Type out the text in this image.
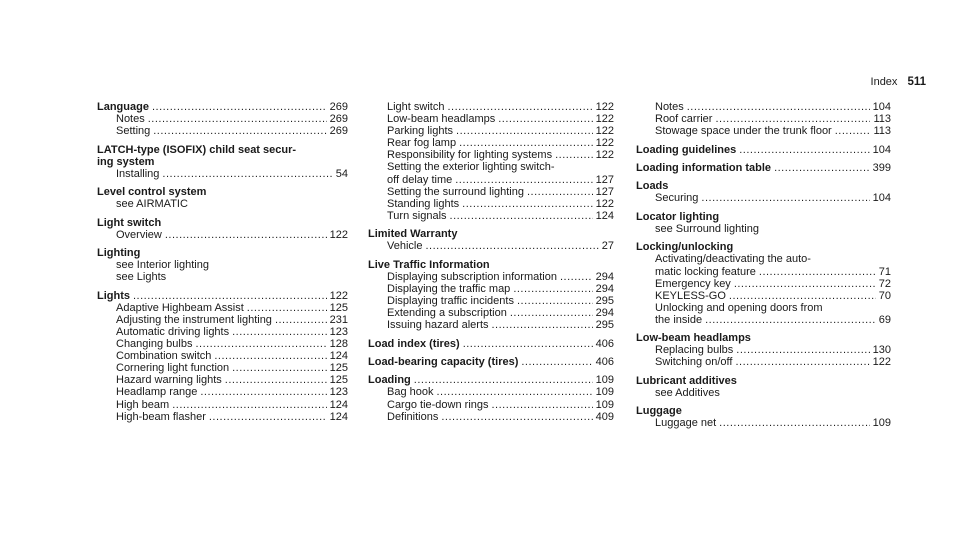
Index 511
Language .....	269
Notes .....	269
Setting .....	269
LATCH-type (ISOFIX) child seat secur-
ing system
Installing .....	54
Level control system
see AIRMATIC
Light switch
Overview .....	122
Lighting
see Interior lighting
see Lights
Lights .....	122
Adaptive Highbeam Assist .....	125
Adjusting the instrument lighting .....	231
Automatic driving lights .....	123
Changing bulbs .....	128
Combination switch .....	124
Cornering light function .....	125
Hazard warning lights .....	125
Headlamp range .....	123
High beam .....	124
High-beam flasher .....	124
Light switch .....	122
Low-beam headlamps .....	122
Parking lights .....	122
Rear fog lamp .....	122
Responsibility for lighting systems .....	122
Setting the exterior lighting switch-
off delay time .....	127
Setting the surround lighting .....	127
Standing lights .....	122
Turn signals .....	124
Limited Warranty
Vehicle .....	27
Live Traffic Information
Displaying subscription information .....	294
Displaying the traffic map .....	294
Displaying traffic incidents .....	295
Extending a subscription .....	294
Issuing hazard alerts .....	295
Load index (tires) .....	406
Load-bearing capacity (tires) .....	406
Loading .....	109
Bag hook .....	109
Cargo tie-down rings .....	109
Definitions .....	409
Notes .....	104
Roof carrier .....	113
Stowage space under the trunk floor .....	113
Loading guidelines .....	104
Loading information table .....	399
Loads
Securing .....	104
Locator lighting
see Surround lighting
Locking/unlocking
Activating/deactivating the auto-
matic locking feature .....	71
Emergency key .....	72
KEYLESS-GO .....	70
Unlocking and opening doors from
the inside .....	69
Low-beam headlamps
Replacing bulbs .....	130
Switching on/off .....	122
Lubricant additives
see Additives
Luggage
Luggage net .....	109
